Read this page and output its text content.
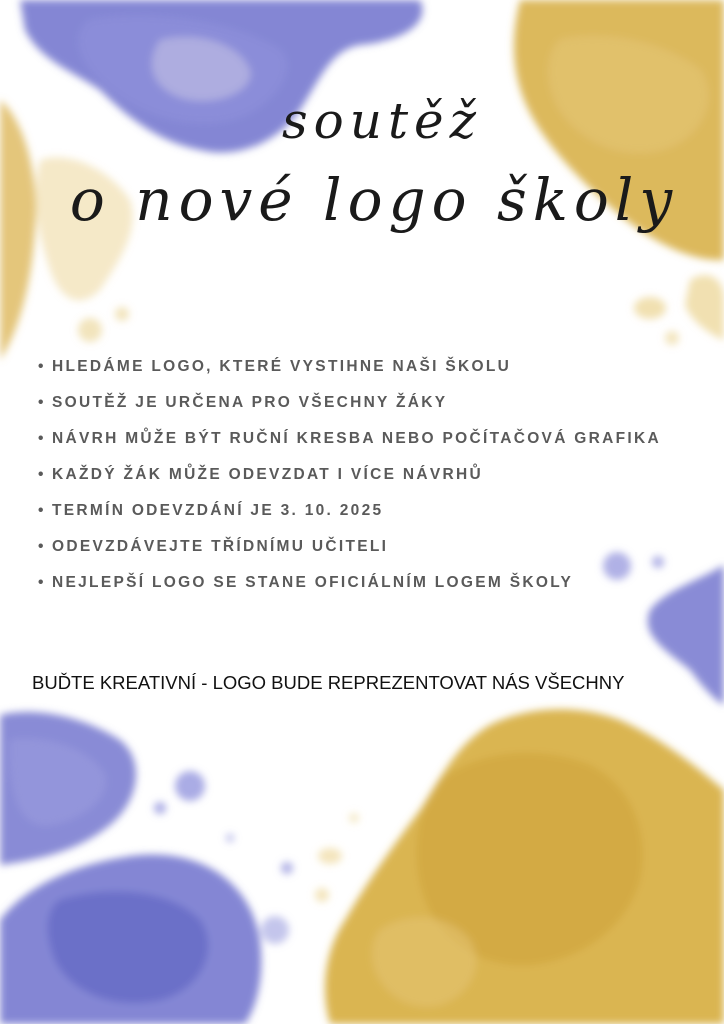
soutěž
o nové logo školy
• HLEDÁME LOGO, KTERÉ VYSTIHNE NAŠI ŠKOLU
• SOUTĚŽ JE URČENA PRO VŠECHNY ŽÁKY
• NÁVRH MŮŽE BÝT RUČNÍ KRESBA NEBO POČÍTAČOVÁ GRAFIKA
• KAŽDÝ ŽÁK MŮŽE ODEVZDAT I VÍCE NÁVRHŮ
• TERMÍN ODEVZDÁNÍ JE 3. 10. 2025
• ODEVZDÁVEJTE TŘÍDNÍMU UČITELI
• NEJLEPŠÍ LOGO SE STANE OFICIÁLNÍM LOGEM ŠKOLY
BUĎTE KREATIVNÍ - LOGO BUDE REPREZENTOVAT NÁS VŠECHNY
